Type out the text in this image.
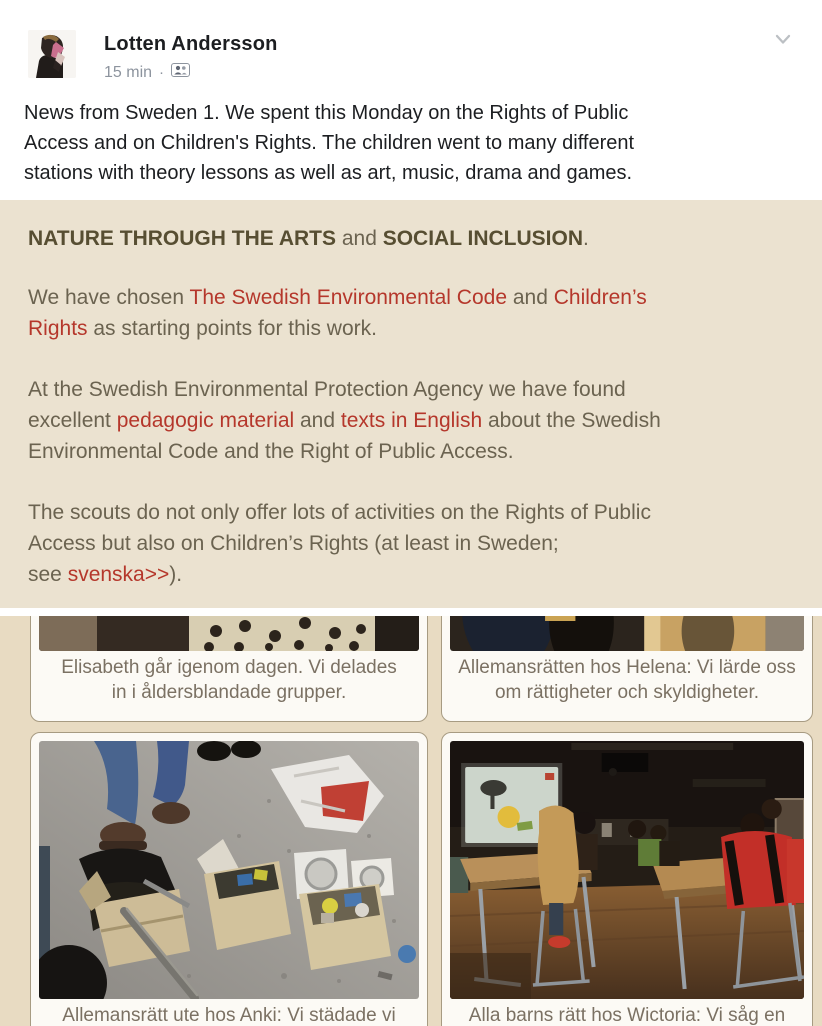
Lotten Andersson
15 min ·
News from Sweden 1. We spent this Monday on the Rights of Public
Access and on Children's Rights. The children went to many different
stations with theory lessons as well as art, music, drama and games.

NATURE THROUGH THE ARTS and SOCIAL INCLUSION.

We have chosen The Swedish Environmental Code and Children’s
Rights as starting points for this work.

At the Swedish Environmental Protection Agency we have found
excellent pedagogic material and texts in English about the Swedish
Environmental Code and the Right of Public Access.

The scouts do not only offer lots of activities on the Rights of Public
Access but also on Children’s Rights (at least in Sweden;
see svenska>>).

Elisabeth går igenom dagen. Vi delades
in i åldersblandade grupper.
Allemansrätt ute hos Anki: Vi städade vi
Allemansrätten hos Helena: Vi lärde oss
om rättigheter och skyldigheter.
Alla barns rätt hos Wictoria: Vi såg en
